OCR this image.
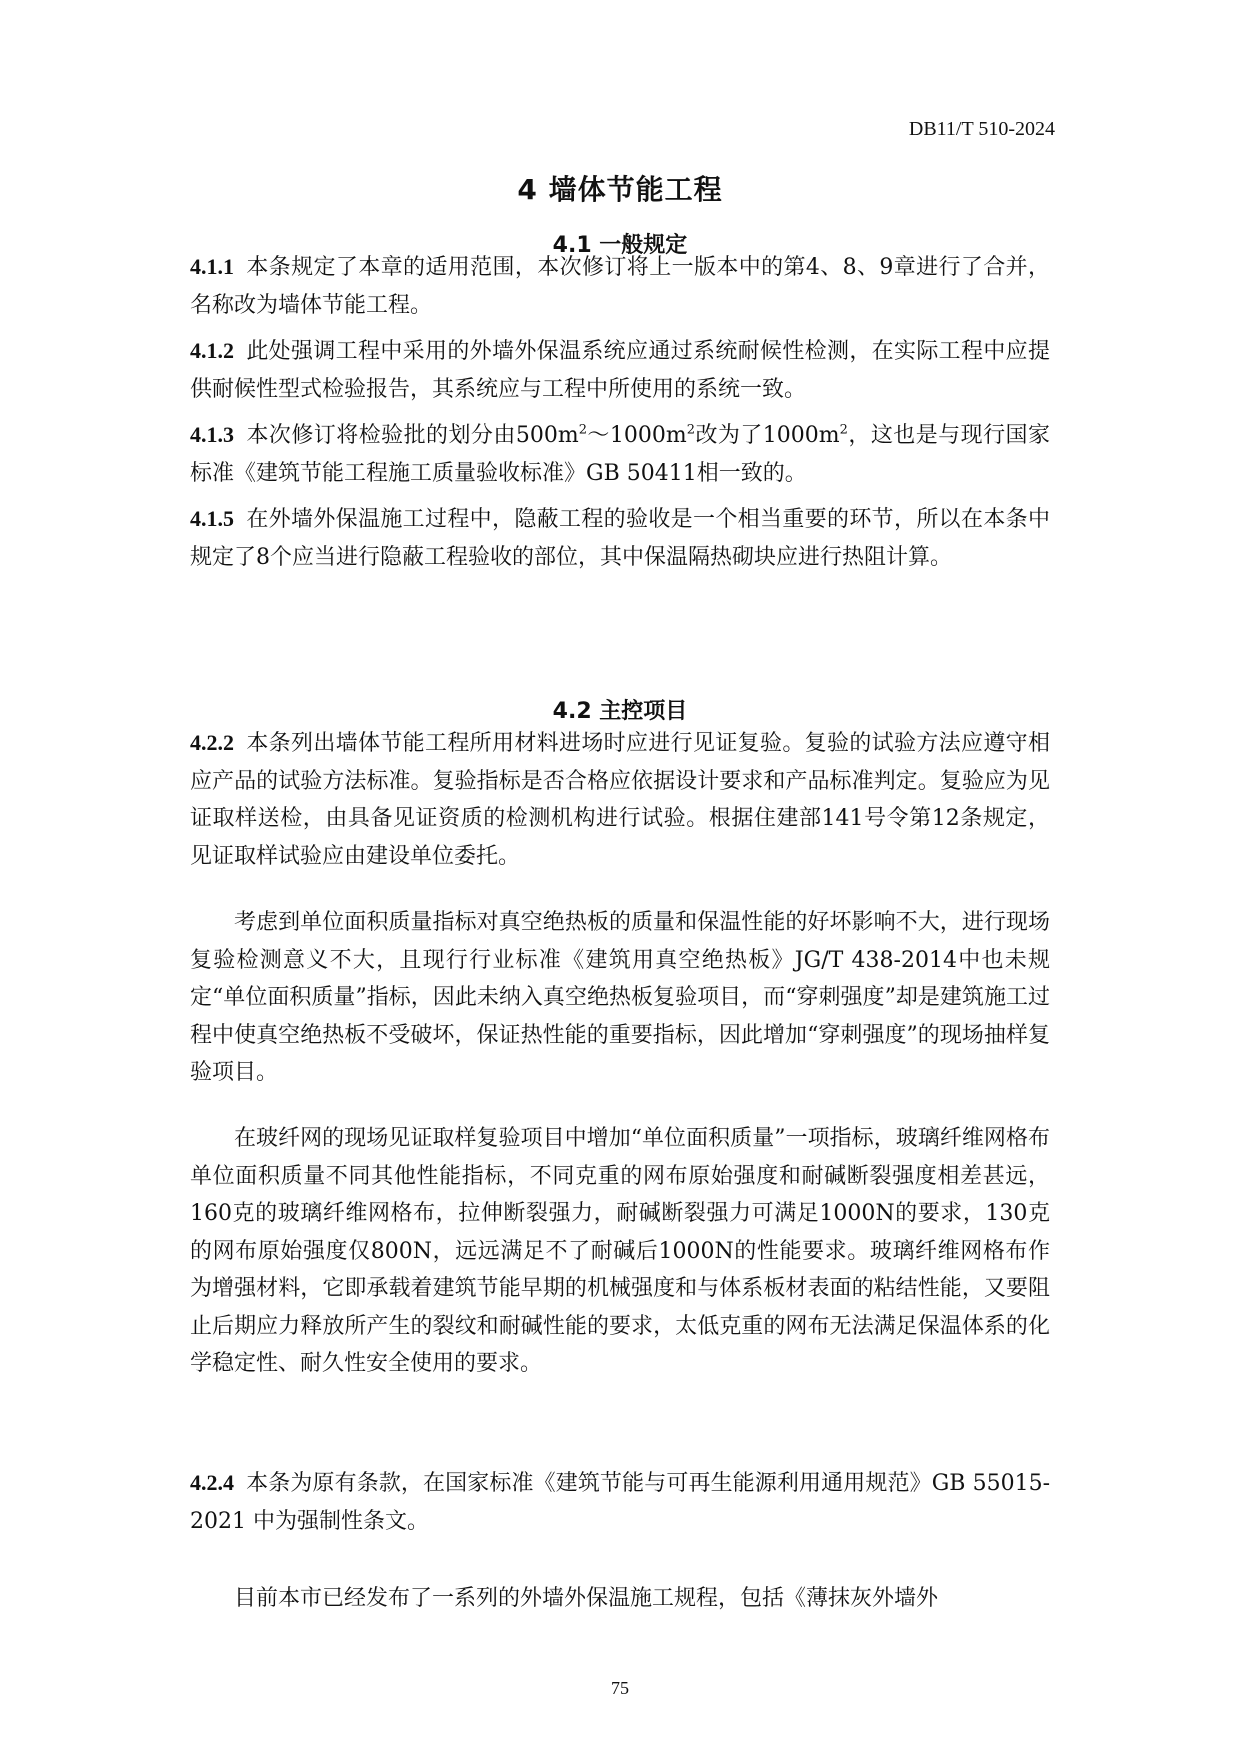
DB11/T 510-2024
4 墙体节能工程
4.1 一般规定

4.1.1 本条规定了本章的适用范围，本次修订将上一版本中的第4、8、9章进行了合并，名称改为墙体节能工程。

4.1.2 此处强调工程中采用的外墙外保温系统应通过系统耐候性检测，在实际工程中应提供耐候性型式检验报告，其系统应与工程中所使用的系统一致。

4.1.3 本次修订将检验批的划分由$500m^2\sim 1000m^2$改为了$1000m^2$，这也是与现行国家标准《建筑节能工程施工质量验收标准》GB 50411相一致的。

4.1.5 在外墙外保温施工过程中，隐蔽工程的验收是一个相当重要的环节，所以在本条中规定了8个应当进行隐蔽工程验收的部位，其中保温隔热砌块应进行热阻计算。

4.2 主控项目

4.2.2 本条列出墙体节能工程所用材料进场时应进行见证复验。复验的试验方法应遵守相应产品的试验方法标准。复验指标是否合格应依据设计要求和产品标准判定。复验应为见证取样送检，由具备见证资质的检测机构进行试验。根据住建部141号令第12条规定，见证取样试验应由建设单位委托。

考虑到单位面积质量指标对真空绝热板的质量和保温性能的好坏影响不大，进行现场复验检测意义不大，且现行行业标准《建筑用真空绝热板》JG/T 438-2014中也未规定“单位面积质量”指标，因此未纳入真空绝热板复验项目，而“穿刺强度”却是建筑施工过程中使真空绝热板不受破坏，保证热性能的重要指标，因此增加“穿刺强度”的现场抽样复验项目。

在玻纤网的现场见证取样复验项目中增加“单位面积质量”一项指标，玻璃纤维网格布单位面积质量不同其他性能指标，不同克重的网布原始强度和耐碱断裂强度相差甚远，160克的玻璃纤维网格布，拉伸断裂强力，耐碱断裂强力可满足1000N的要求，130克的网布原始强度仅800N，远远满足不了耐碱后1000N的性能要求。玻璃纤维网格布作为增强材料，它即承载着建筑节能早期的机械强度和与体系板材表面的粘结性能，又要阻止后期应力释放所产生的裂纹和耐碱性能的要求，太低克重的网布无法满足保温体系的化学稳定性、耐久性安全使用的要求。

4.2.4 本条为原有条款，在国家标准《建筑节能与可再生能源利用通用规范》GB 55015-2021 中为强制性条文。

目前本市已经发布了一系列的外墙外保温施工规程，包括《薄抹灰外墙外

75
